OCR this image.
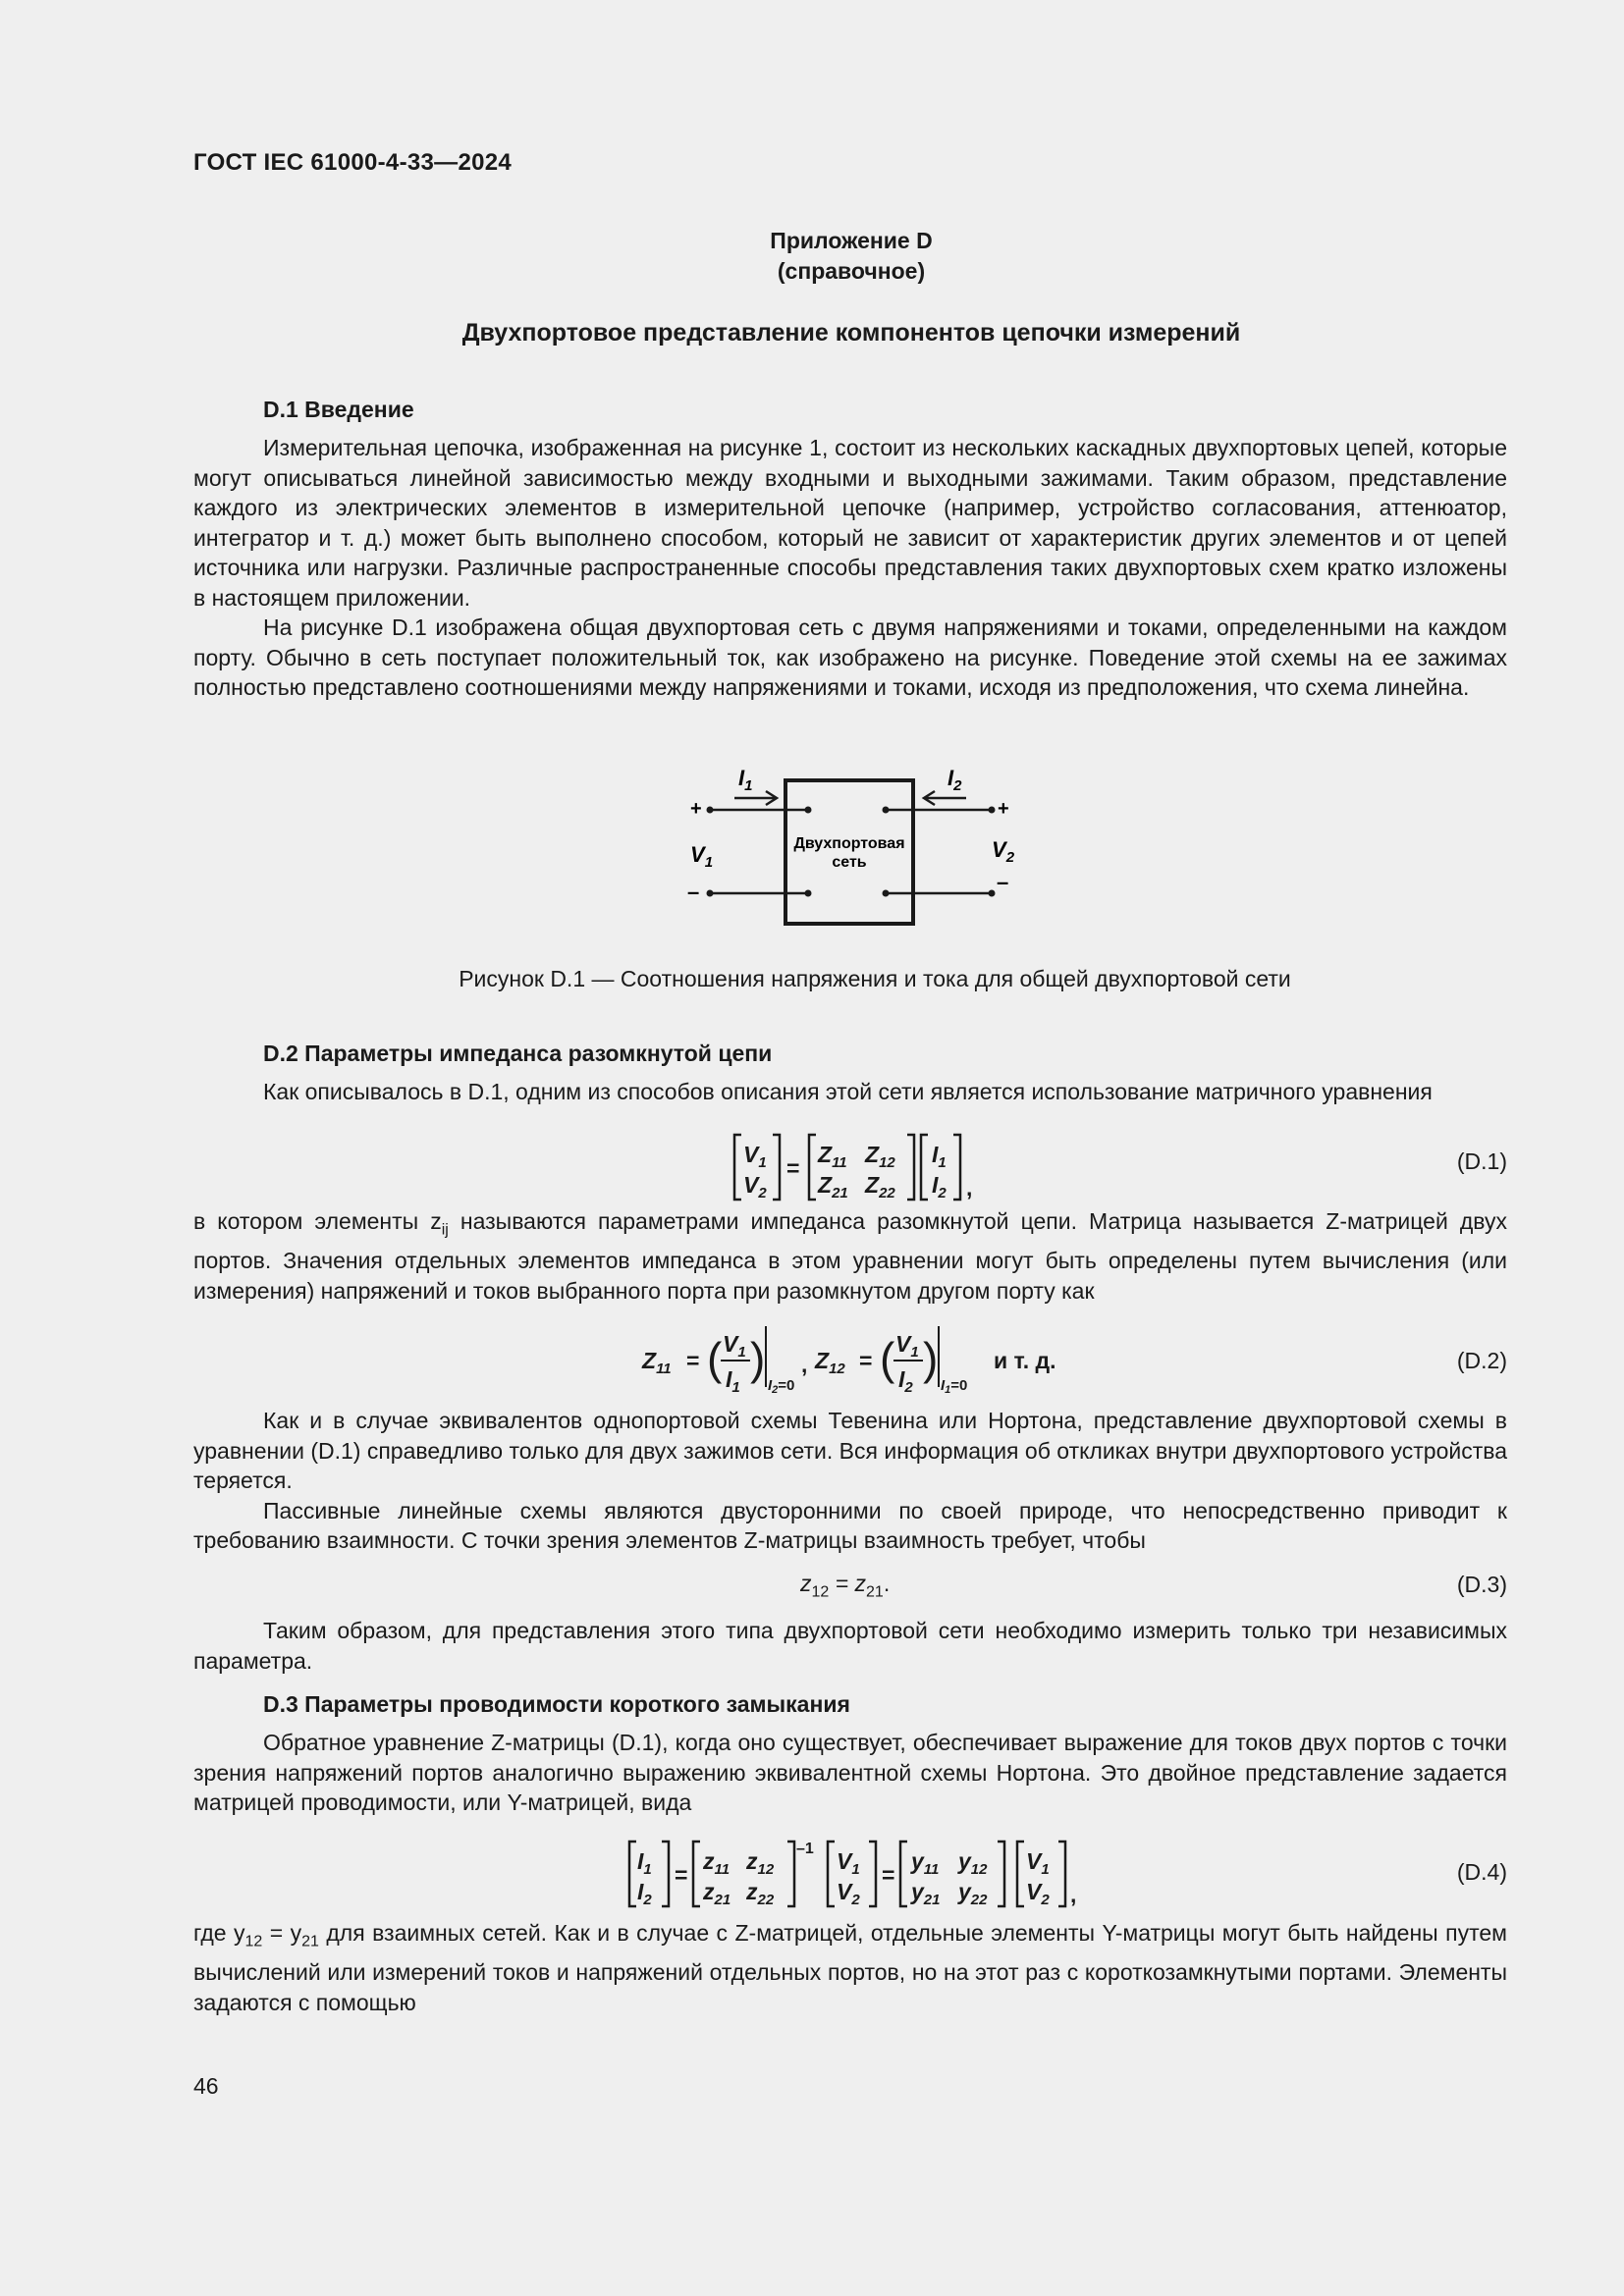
ГОСТ IEC 61000-4-33—2024
Приложение D
(справочное)
Двухпортовое представление компонентов цепочки измерений
D.1 Введение

Измерительная цепочка, изображенная на рисунке 1, состоит из нескольких каскадных двухпортовых цепей, которые могут описываться линейной зависимостью между входными и выходными зажимами. Таким образом, представление каждого из электрических элементов в измерительной цепочке (например, устройство согласования, аттенюатор, интегратор и т. д.) может быть выполнено способом, который не зависит от характеристик других элементов и от цепей источника или нагрузки. Различные распространенные способы представления таких двухпортовых схем кратко изложены в настоящем приложении.

На рисунке D.1 изображена общая двухпортовая сеть с двумя напряжениями и токами, определенными на каждом порту. Обычно в сеть поступает положительный ток, как изображено на рисунке. Поведение этой схемы на ее зажимах полностью представлено соотношениями между напряжениями и токами, исходя из предположения, что схема линейна.

$I_1$	$I_2$
+	+
–	–
$V_1$
$V_2$
Двухпортовая
сеть
Рисунок D.1 — Соотношения напряжения и тока для общей двухпортовой сети
D.2 Параметры импеданса разомкнутой цепи

Как описывалось в D.1, одним из способов описания этой сети является использование матричного уравнения

$V_1$
$V_2$
=
$Z_{11}$ $Z_{12}$
$Z_{21}$ $Z_{22}$
$I_1$
$I_2$ ,
(D.1)

в котором элементы $z_{ij}$ называются параметрами импеданса разомкнутой цепи. Матрица называется Z-матрицей двух портов. Значения отдельных элементов импеданса в этом уравнении могут быть определены путем вычисления (или измерения) напряжений и токов выбранного порта при разомкнутом другом порту как

$Z_{11}$ = ( $V_1$
$I_1$
)
$I_2=0$
, $Z_{12}$ = ( $V_1$
$I_2$
)
$I_1=0$
и т. д.	(D.2)

Как и в случае эквивалентов однопортовой схемы Тевенина или Нортона, представление двухпортовой схемы в уравнении (D.1) справедливо только для двух зажимов сети. Вся информация об откликах внутри двухпортового устройства теряется.

Пассивные линейные схемы являются двусторонними по своей природе, что непосредственно приводит к требованию взаимности. С точки зрения элементов Z-матрицы взаимность требует, чтобы

$z_{12} = z_{21}$.	(D.3)

Таким образом, для представления этого типа двухпортовой сети необходимо измерить только три независимых параметра.

D.3 Параметры проводимости короткого замыкания

Обратное уравнение Z-матрицы (D.1), когда оно существует, обеспечивает выражение для токов двух портов с точки зрения напряжений портов аналогично выражению эквивалентной схемы Нортона. Это двойное представление задается матрицей проводимости, или Y-матрицей, вида

$I_1$
$I_2$
=
$z_{11}$ $z_{12}$
$z_{21}$ $z_{22}$
–1 $V_1$
$V_2$
=
$y_{11}$ $y_{12}$
$y_{21}$ $y_{22}$
$V_1$
$V_2$ ,
(D.4)

где $y_{12} = y_{21}$ для взаимных сетей. Как и в случае с Z-матрицей, отдельные элементы Y-матрицы могут быть найдены путем вычислений или измерений токов и напряжений отдельных портов, но на этот раз с короткозамкнутыми портами. Элементы задаются с помощью

46
